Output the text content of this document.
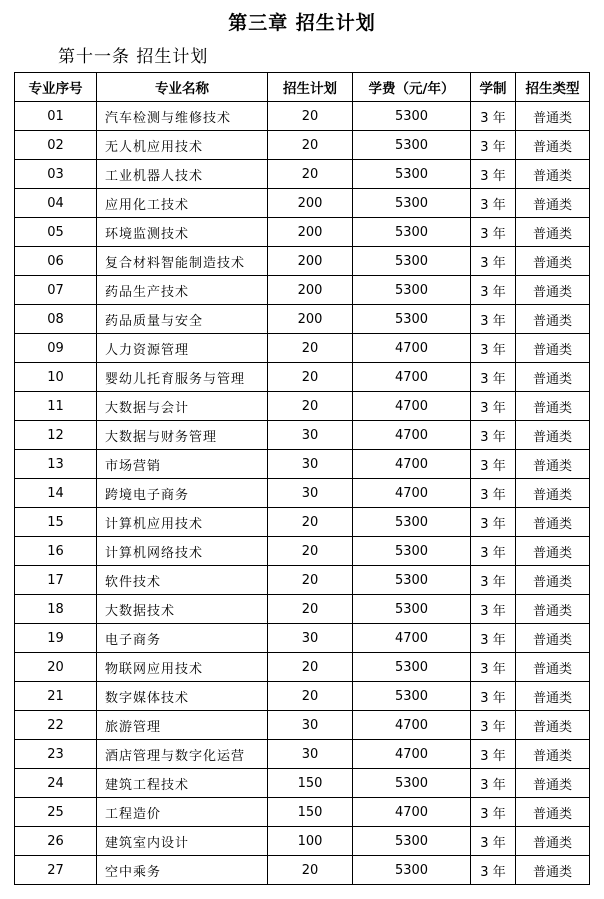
第三章 招生计划
第十一条 招生计划
专业序号	专业名称	招生计划	学费（元/年）	学制	招生类型
01	汽车检测与维修技术	20	5300	3 年	普通类
02	无人机应用技术	20	5300	3 年	普通类
03	工业机器人技术	20	5300	3 年	普通类
04	应用化工技术	200	5300	3 年	普通类
05	环境监测技术	200	5300	3 年	普通类
06	复合材料智能制造技术	200	5300	3 年	普通类
07	药品生产技术	200	5300	3 年	普通类
08	药品质量与安全	200	5300	3 年	普通类
09	人力资源管理	20	4700	3 年	普通类
10	婴幼儿托育服务与管理	20	4700	3 年	普通类
11	大数据与会计	20	4700	3 年	普通类
12	大数据与财务管理	30	4700	3 年	普通类
13	市场营销	30	4700	3 年	普通类
14	跨境电子商务	30	4700	3 年	普通类
15	计算机应用技术	20	5300	3 年	普通类
16	计算机网络技术	20	5300	3 年	普通类
17	软件技术	20	5300	3 年	普通类
18	大数据技术	20	5300	3 年	普通类
19	电子商务	30	4700	3 年	普通类
20	物联网应用技术	20	5300	3 年	普通类
21	数字媒体技术	20	5300	3 年	普通类
22	旅游管理	30	4700	3 年	普通类
23	酒店管理与数字化运营	30	4700	3 年	普通类
24	建筑工程技术	150	5300	3 年	普通类
25	工程造价	150	4700	3 年	普通类
26	建筑室内设计	100	5300	3 年	普通类
27	空中乘务	20	5300	3 年	普通类
